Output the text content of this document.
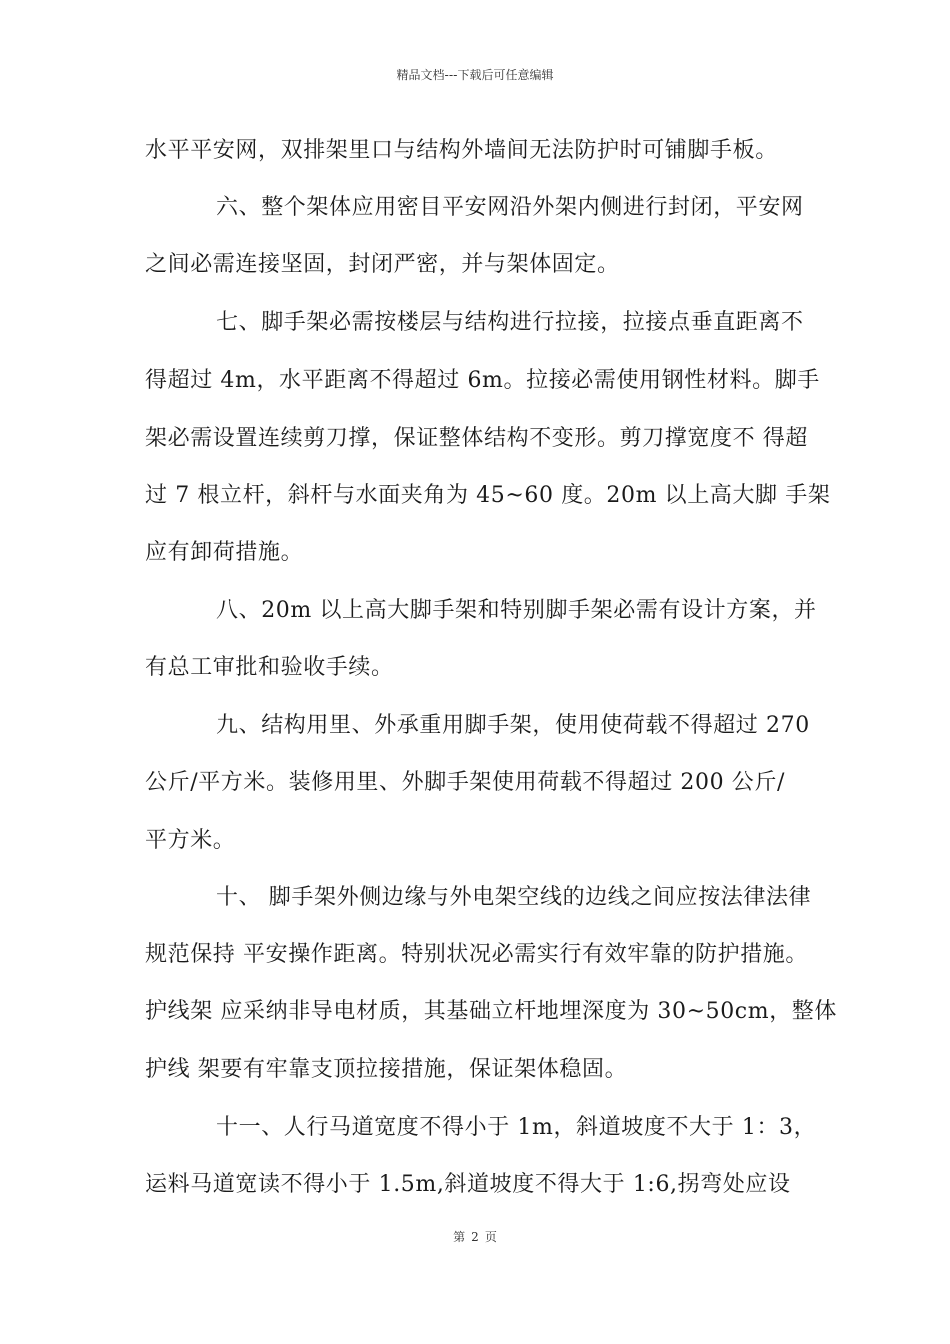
精品文档---下载后可任意编辑
水平平安网，双排架里口与结构外墙间无法防护时可铺脚手板。
六、整个架体应用密目平安网沿外架内侧进行封闭，平安网
之间必需连接坚固，封闭严密，并与架体固定。
七、脚手架必需按楼层与结构进行拉接，拉接点垂直距离不
得超过 4m，水平距离不得超过 6m。拉接必需使用钢性材料。脚手
架必需设置连续剪刀撑，保证整体结构不变形。剪刀撑宽度不 得超
过 7 根立杆，斜杆与水面夹角为 45~60 度。20m 以上高大脚 手架
应有卸荷措施。
八、20m 以上高大脚手架和特别脚手架必需有设计方案，并
有总工审批和验收手续。
九、结构用里、外承重用脚手架，使用使荷载不得超过 270
公斤/平方米。装修用里、外脚手架使用荷载不得超过 200 公斤/
平方米。
十、 脚手架外侧边缘与外电架空线的边线之间应按法律法律
规范保持 平安操作距离。特别状况必需实行有效牢靠的防护措施。
护线架 应采纳非导电材质，其基础立杆地埋深度为 30~50cm，整体
护线 架要有牢靠支顶拉接措施，保证架体稳固。
十一、人行马道宽度不得小于 1m，斜道坡度不大于 1：3，
运料马道宽读不得小于 1.5m,斜道坡度不得大于 1:6,拐弯处应设
第 2 页
